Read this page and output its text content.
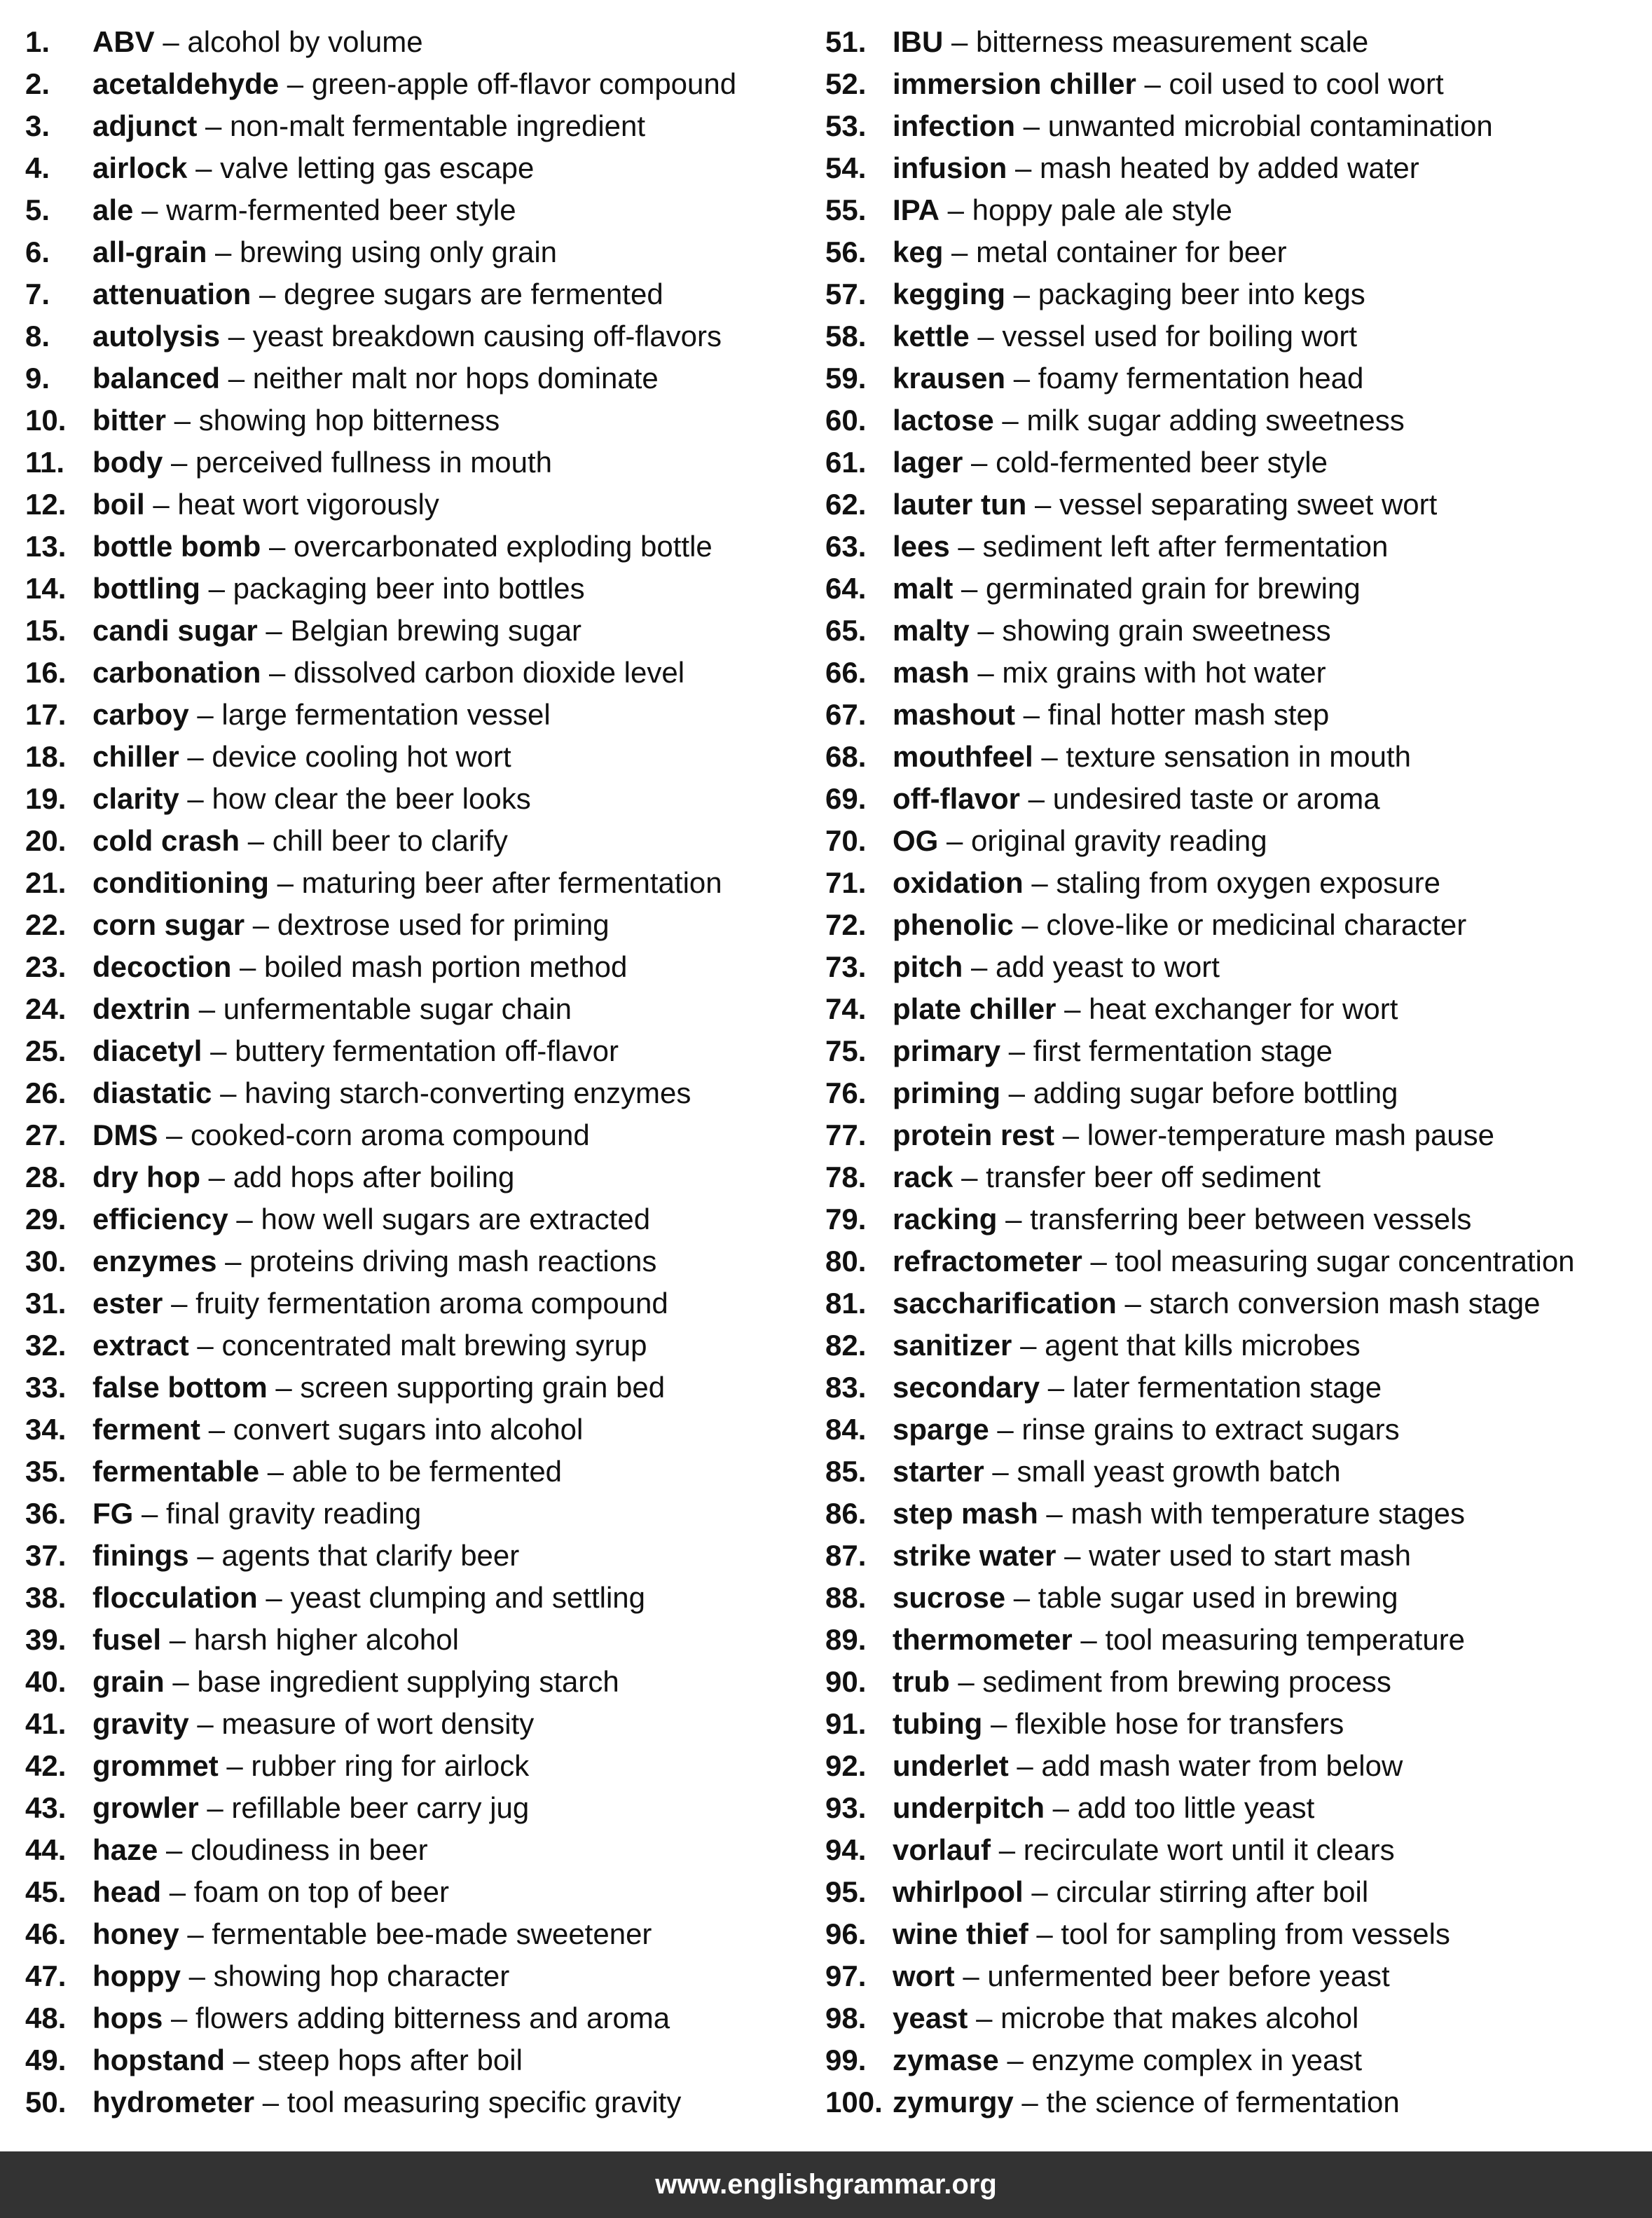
1. ABV – alcohol by volume
2. acetaldehyde – green-apple off-flavor compound
3. adjunct – non-malt fermentable ingredient
4. airlock – valve letting gas escape
5. ale – warm-fermented beer style
6. all-grain – brewing using only grain
7. attenuation – degree sugars are fermented
8. autolysis – yeast breakdown causing off-flavors
9. balanced – neither malt nor hops dominate
10. bitter – showing hop bitterness
11. body – perceived fullness in mouth
12. boil – heat wort vigorously
13. bottle bomb – overcarbonated exploding bottle
14. bottling – packaging beer into bottles
15. candi sugar – Belgian brewing sugar
16. carbonation – dissolved carbon dioxide level
17. carboy – large fermentation vessel
18. chiller – device cooling hot wort
19. clarity – how clear the beer looks
20. cold crash – chill beer to clarify
21. conditioning – maturing beer after fermentation
22. corn sugar – dextrose used for priming
23. decoction – boiled mash portion method
24. dextrin – unfermentable sugar chain
25. diacetyl – buttery fermentation off-flavor
26. diastatic – having starch-converting enzymes
27. DMS – cooked-corn aroma compound
28. dry hop – add hops after boiling
29. efficiency – how well sugars are extracted
30. enzymes – proteins driving mash reactions
31. ester – fruity fermentation aroma compound
32. extract – concentrated malt brewing syrup
33. false bottom – screen supporting grain bed
34. ferment – convert sugars into alcohol
35. fermentable – able to be fermented
36. FG – final gravity reading
37. finings – agents that clarify beer
38. flocculation – yeast clumping and settling
39. fusel – harsh higher alcohol
40. grain – base ingredient supplying starch
41. gravity – measure of wort density
42. grommet – rubber ring for airlock
43. growler – refillable beer carry jug
44. haze – cloudiness in beer
45. head – foam on top of beer
46. honey – fermentable bee-made sweetener
47. hoppy – showing hop character
48. hops – flowers adding bitterness and aroma
49. hopstand – steep hops after boil
50. hydrometer – tool measuring specific gravity
51. IBU – bitterness measurement scale
52. immersion chiller – coil used to cool wort
53. infection – unwanted microbial contamination
54. infusion – mash heated by added water
55. IPA – hoppy pale ale style
56. keg – metal container for beer
57. kegging – packaging beer into kegs
58. kettle – vessel used for boiling wort
59. krausen – foamy fermentation head
60. lactose – milk sugar adding sweetness
61. lager – cold-fermented beer style
62. lauter tun – vessel separating sweet wort
63. lees – sediment left after fermentation
64. malt – germinated grain for brewing
65. malty – showing grain sweetness
66. mash – mix grains with hot water
67. mashout – final hotter mash step
68. mouthfeel – texture sensation in mouth
69. off-flavor – undesired taste or aroma
70. OG – original gravity reading
71. oxidation – staling from oxygen exposure
72. phenolic – clove-like or medicinal character
73. pitch – add yeast to wort
74. plate chiller – heat exchanger for wort
75. primary – first fermentation stage
76. priming – adding sugar before bottling
77. protein rest – lower-temperature mash pause
78. rack – transfer beer off sediment
79. racking – transferring beer between vessels
80. refractometer – tool measuring sugar concentration
81. saccharification – starch conversion mash stage
82. sanitizer – agent that kills microbes
83. secondary – later fermentation stage
84. sparge – rinse grains to extract sugars
85. starter – small yeast growth batch
86. step mash – mash with temperature stages
87. strike water – water used to start mash
88. sucrose – table sugar used in brewing
89. thermometer – tool measuring temperature
90. trub – sediment from brewing process
91. tubing – flexible hose for transfers
92. underlet – add mash water from below
93. underpitch – add too little yeast
94. vorlauf – recirculate wort until it clears
95. whirlpool – circular stirring after boil
96. wine thief – tool for sampling from vessels
97. wort – unfermented beer before yeast
98. yeast – microbe that makes alcohol
99. zymase – enzyme complex in yeast
100. zymurgy – the science of fermentation
www.englishgrammar.org
